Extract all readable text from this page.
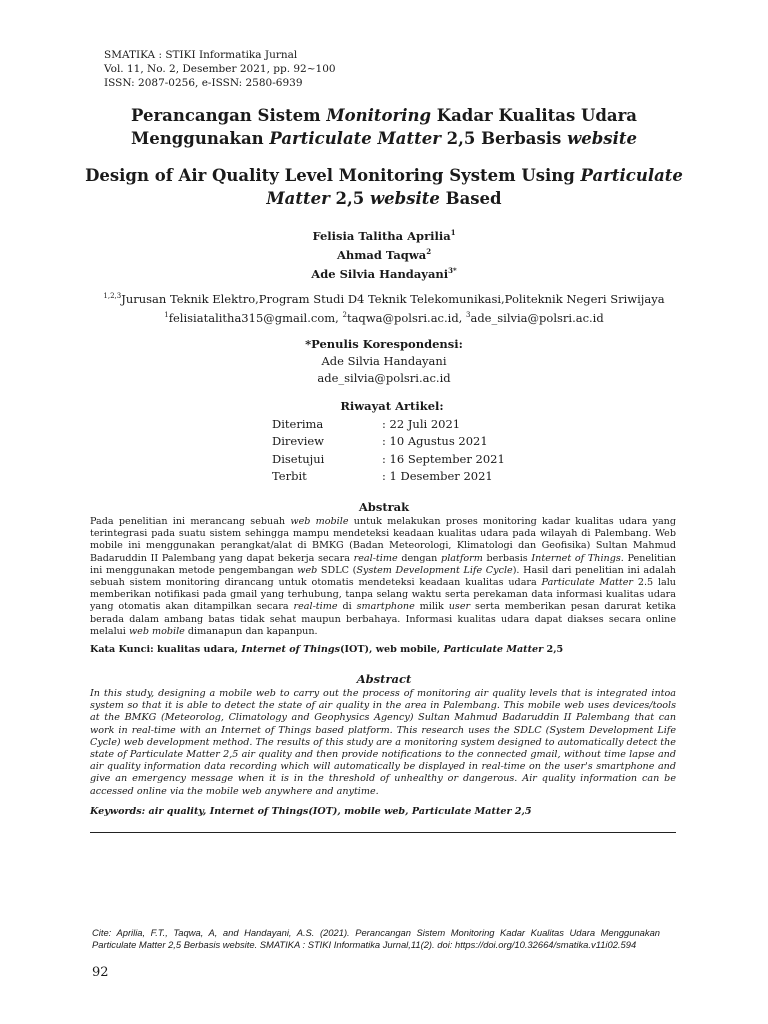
SMATIKA : STIKI Informatika Jurnal
Vol. 11, No. 2, Desember 2021, pp. 92~100
ISSN: 2087-0256, e-ISSN: 2580-6939
Perancangan Sistem Monitoring Kadar Kualitas Udara
Menggunakan Particulate Matter 2,5 Berbasis website
Design of Air Quality Level Monitoring System Using Particulate
Matter 2,5 website Based
Felisia Talitha Aprilia$^1$
Ahmad Taqwa$^2$
Ade Silvia Handayani$^{3*}$
$^{1,2,3}$Jurusan Teknik Elektro,Program Studi D4 Teknik Telekomunikasi,Politeknik Negeri Sriwijaya
$^1$felisiatalitha315@gmail.com, $^2$taqwa@polsri.ac.id, $^3$ade_silvia@polsri.ac.id
*Penulis Korespondensi:
Ade Silvia Handayani
ade_silvia@polsri.ac.id
Riwayat Artikel:
Diterima	: 22 Juli 2021
Direview	: 10 Agustus 2021
Disetujui	: 16 September 2021
Terbit	: 1 Desember 2021
Abstrak
Pada penelitian ini merancang sebuah web mobile untuk melakukan proses monitoring kadar kualitas udara yang terintegrasi pada suatu sistem sehingga mampu mendeteksi keadaan kualitas udara pada wilayah di Palembang. Web mobile ini menggunakan perangkat/alat di BMKG (Badan Meteorologi, Klimatologi dan Geofisika) Sultan Mahmud Badaruddin II Palembang yang dapat bekerja secara real-time dengan platform berbasis Internet of Things. Penelitian ini menggunakan metode pengembangan web SDLC (System Development Life Cycle). Hasil dari penelitian ini adalah sebuah sistem monitoring dirancang untuk otomatis mendeteksi keadaan kualitas udara Particulate Matter 2.5 lalu memberikan notifikasi pada gmail yang terhubung, tanpa selang waktu serta perekaman data informasi kualitas udara yang otomatis akan ditampilkan secara real-time di smartphone milik user serta memberikan pesan darurat ketika berada dalam ambang batas tidak sehat maupun berbahaya. Informasi kualitas udara dapat diakses secara online melalui web mobile dimanapun dan kapanpun.
Kata Kunci: kualitas udara, Internet of Things(IOT), web mobile, Particulate Matter 2,5
Abstract
In this study, designing a mobile web to carry out the process of monitoring air quality levels that is integrated intoa system so that it is able to detect the state of air quality in the area in Palembang. This mobile web uses devices/tools at the BMKG (Meteorolog, Climatology and Geophysics Agency) Sultan Mahmud Badaruddin II Palembang that can work in real-time with an Internet of Things based platform. This research uses the SDLC (System Development Life Cycle) web development method. The results of this study are a monitoring system designed to automatically detect the state of Particulate Matter 2,5 air quality and then provide notifications to the connected gmail, without time lapse and air quality information data recording which will automatically be displayed in real-time on the user's smartphone and give an emergency message when it is in the threshold of unhealthy or dangerous. Air quality information can be accessed online via the mobile web anywhere and anytime.
Keywords: air quality, Internet of Things(IOT), mobile web, Particulate Matter 2,5
Cite: Aprilia, F.T., Taqwa, A, and Handayani, A.S. (2021). Perancangan Sistem Monitoring Kadar Kualitas Udara Menggunakan Particulate Matter 2,5 Berbasis website. SMATIKA : STIKI Informatika Jurnal,11(2). doi: https://doi.org/10.32664/smatika.v11i02.594
92
